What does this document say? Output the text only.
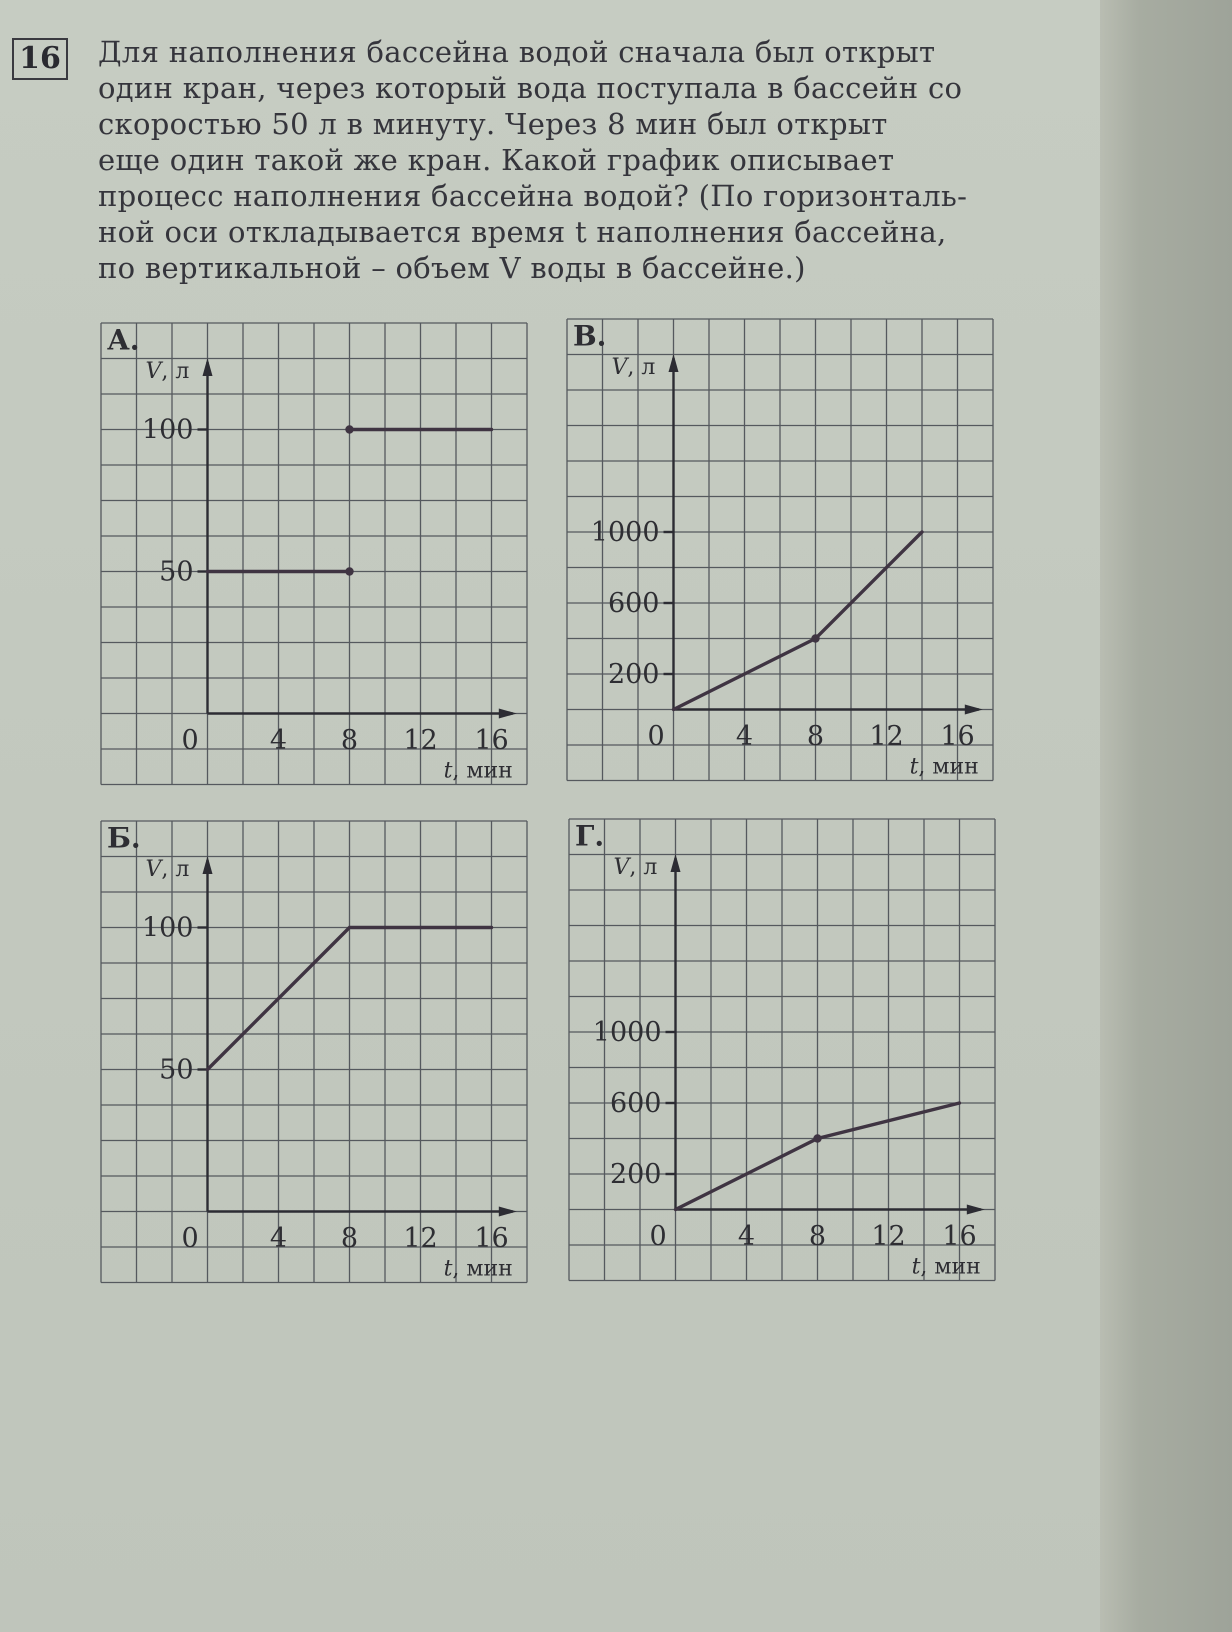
16 Для наполнения бассейна водой сначала был открыт
один кран, через который вода поступала в бассейн со
скоростью 50 л в минуту. Через 8 мин был открыт
еще один такой же кран. Какой график описывает
процесс наполнения бассейна водой? (По горизонталь-
ной оси откладывается время t наполнения бассейна,
по вертикальной – объем V воды в бассейне.)
А.
V, л
t, мин
0	4 8 12 16
50
100
В.
V, л
t, мин
0	4 8 12 16
200
600
1000
Б.
V, л
t, мин
0	4 8 12 16
50
100
Г.
V, л
t, мин
0	4 8 12 16
200
600
1000
